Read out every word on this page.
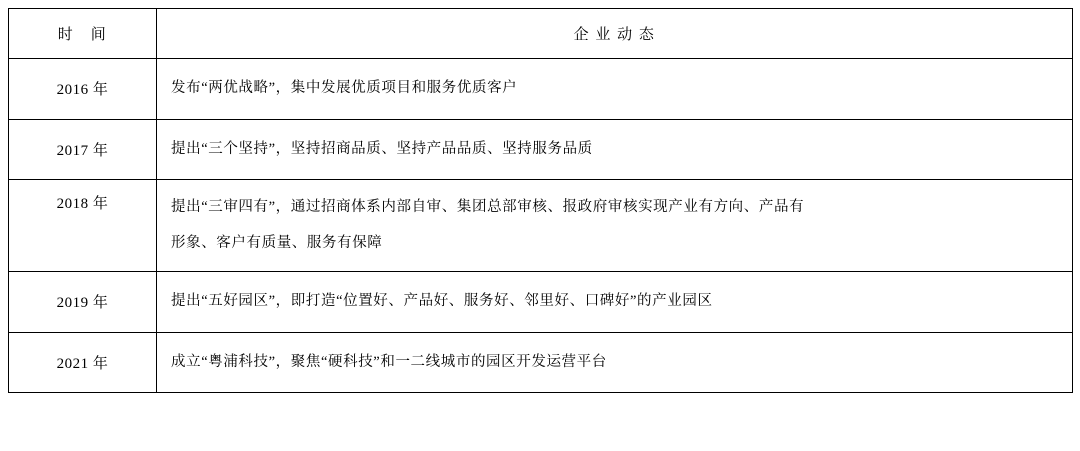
时　间	企 业 动 态

2016 年	发布“两优战略”，集中发展优质项目和服务优质客户

2017 年	提出“三个坚持”，坚持招商品质、坚持产品品质、坚持服务品质

2018 年	提出“三审四有”，通过招商体系内部自审、集团总部审核、报政府审核实现产业有方向、产品有

形象、客户有质量、服务有保障

2019 年	提出“五好园区”，即打造“位置好、产品好、服务好、邻里好、口碑好”的产业园区

2021 年	成立“粤浦科技”，聚焦“硬科技”和一二线城市的园区开发运营平台
